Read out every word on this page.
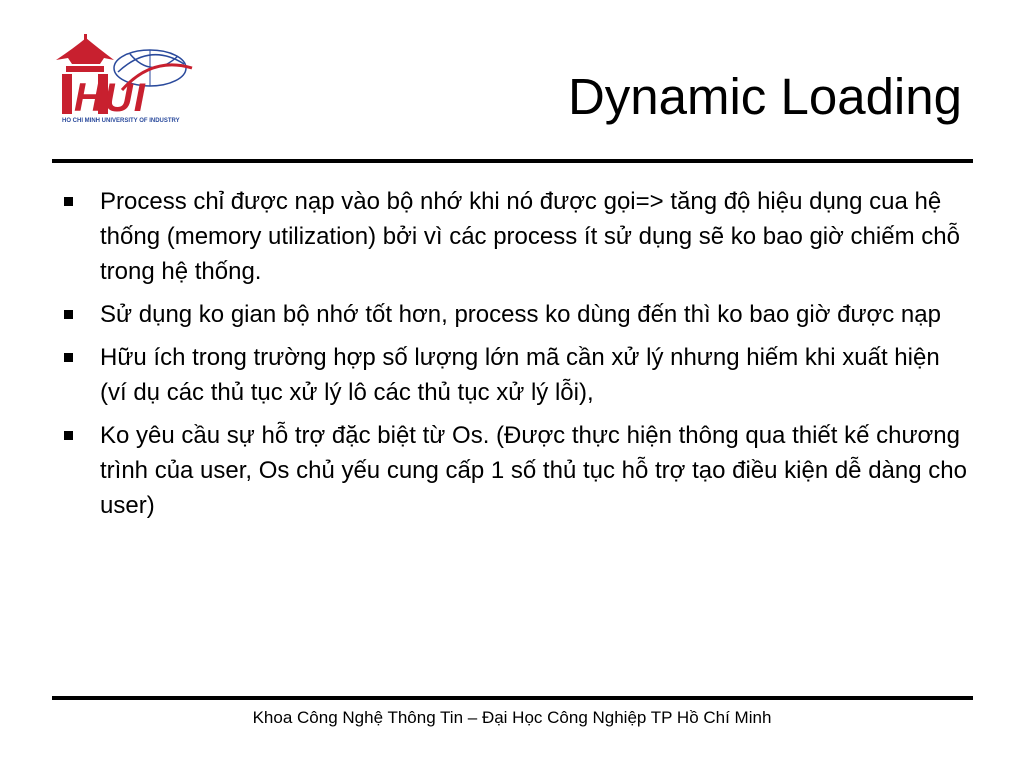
HUI
HO CHI MINH UNIVERSITY OF INDUSTRY	Dynamic Loading
Process chỉ được nạp vào bộ nhớ khi nó được gọi=> tăng độ hiệu dụng cua hệ thống (memory utilization) bởi vì các process ít sử dụng sẽ ko bao giờ chiếm chỗ trong hệ thống.
Sử dụng ko gian bộ nhớ tốt hơn, process ko dùng đến thì ko bao giờ được nạp
Hữu ích trong trường hợp số lượng lớn mã cần xử lý nhưng hiếm khi xuất hiện (ví dụ các thủ tục xử lý lô các thủ tục xử lý lỗi),
Ko yêu cầu sự hỗ trợ đặc biệt từ Os. (Được thực hiện thông qua thiết kế chương trình của user, Os chủ yếu cung cấp 1 số thủ tục hỗ trợ tạo điều kiện dễ dàng cho user)
Khoa Công Nghệ Thông Tin – Đại Học Công Nghiệp TP Hồ Chí Minh
